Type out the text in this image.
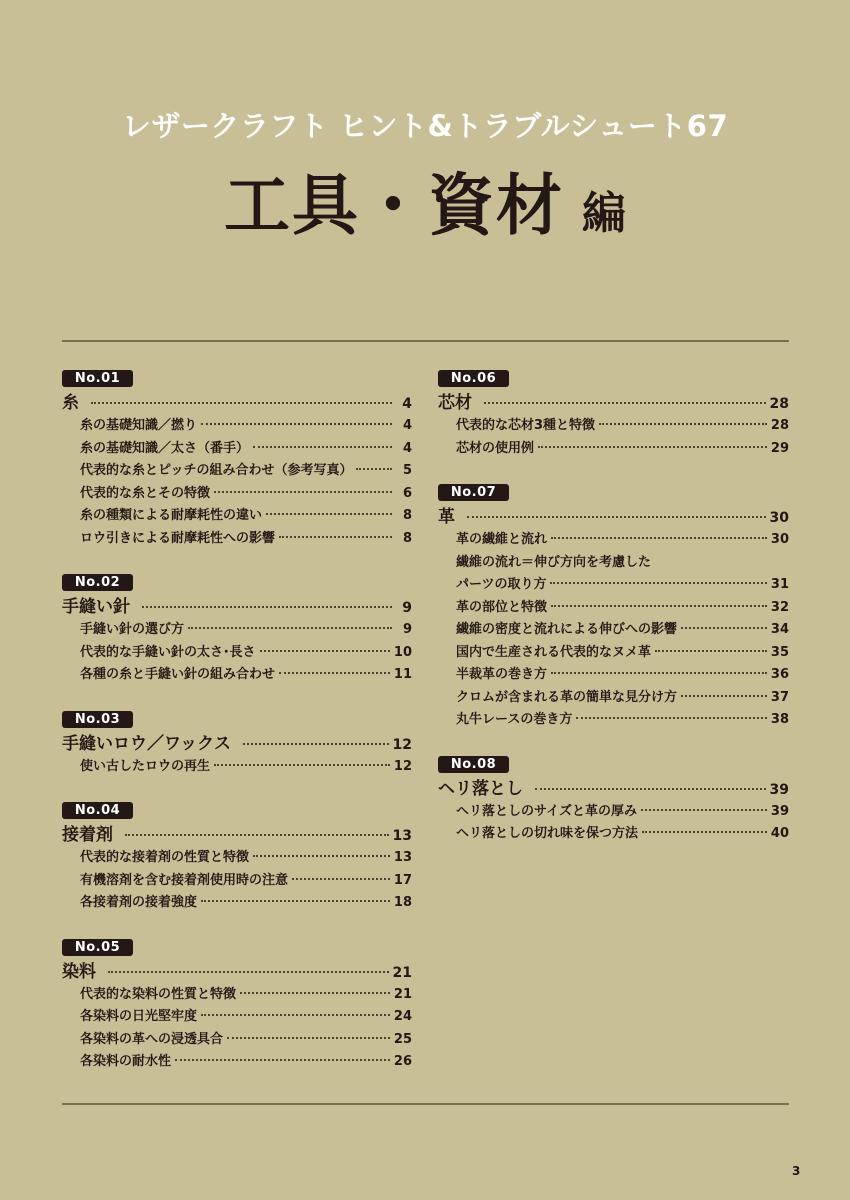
レザークラフト ヒント&トラブルシュート67
工具・資材 編
No.01
糸	4
糸の基礎知識／撚り	4
糸の基礎知識／太さ（番手）	4
代表的な糸とピッチの組み合わせ（参考写真）	5
代表的な糸とその特徴	6
糸の種類による耐摩耗性の違い	8
ロウ引きによる耐摩耗性への影響	8
No.02
手縫い針	9
手縫い針の選び方	9
代表的な手縫い針の太さ･長さ	10
各種の糸と手縫い針の組み合わせ	11
No.03
手縫いロウ／ワックス	12
使い古したロウの再生	12
No.04
接着剤	13
代表的な接着剤の性質と特徴	13
有機溶剤を含む接着剤使用時の注意	17
各接着剤の接着強度	18
No.05
染料	21
代表的な染料の性質と特徴	21
各染料の日光堅牢度	24
各染料の革への浸透具合	25
各染料の耐水性	26
No.06
芯材	28
代表的な芯材3種と特徴	28
芯材の使用例	29
No.07
革	30
革の繊維と流れ	30
繊維の流れ＝伸び方向を考慮した
パーツの取り方	31
革の部位と特徴	32
繊維の密度と流れによる伸びへの影響	34
国内で生産される代表的なヌメ革	35
半裁革の巻き方	36
クロムが含まれる革の簡単な見分け方	37
丸牛レースの巻き方	38
No.08
ヘリ落とし	39
ヘリ落としのサイズと革の厚み	39
ヘリ落としの切れ味を保つ方法	40
3
